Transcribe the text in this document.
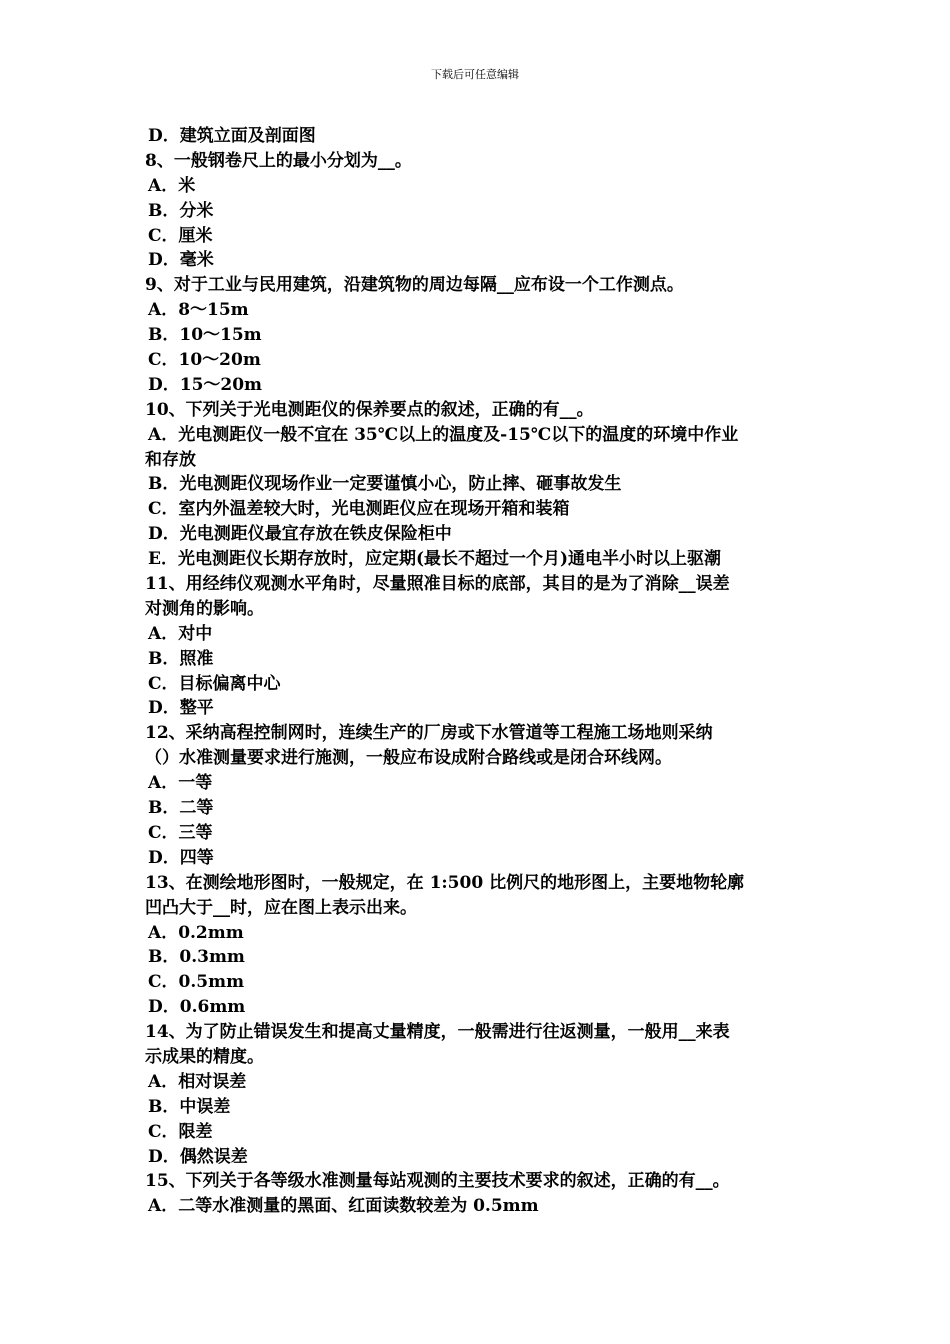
下载后可任意编辑
D．建筑立面及剖面图
8、一般钢卷尺上的最小分划为__。
A．米
B．分米
C．厘米
D．毫米
9、对于工业与民用建筑，沿建筑物的周边每隔__应布设一个工作测点。
A．8～15m
B．10～15m
C．10～20m
D．15～20m
10、下列关于光电测距仪的保养要点的叙述，正确的有__。
A．光电测距仪一般不宜在 35℃以上的温度及-15℃以下的温度的环境中作业
和存放
B．光电测距仪现场作业一定要谨慎小心，防止摔、砸事故发生
C．室内外温差较大时，光电测距仪应在现场开箱和装箱
D．光电测距仪最宜存放在铁皮保险柜中
E．光电测距仪长期存放时，应定期(最长不超过一个月)通电半小时以上驱潮
11、用经纬仪观测水平角时，尽量照准目标的底部，其目的是为了消除__误差
对测角的影响。
A．对中
B．照准
C．目标偏离中心
D．整平
12、采纳高程控制网时，连续生产的厂房或下水管道等工程施工场地则采纳
（）水准测量要求进行施测，一般应布设成附合路线或是闭合环线网。
A．一等
B．二等
C．三等
D．四等
13、在测绘地形图时，一般规定，在 1:500 比例尺的地形图上，主要地物轮廓
凹凸大于__时，应在图上表示出来。
A．0.2mm
B．0.3mm
C．0.5mm
D．0.6mm
14、为了防止错误发生和提高丈量精度，一般需进行往返测量，一般用__来表
示成果的精度。
A．相对误差
B．中误差
C．限差
D．偶然误差
15、下列关于各等级水准测量每站观测的主要技术要求的叙述，正确的有__。
A．二等水准测量的黑面、红面读数较差为 0.5mm
